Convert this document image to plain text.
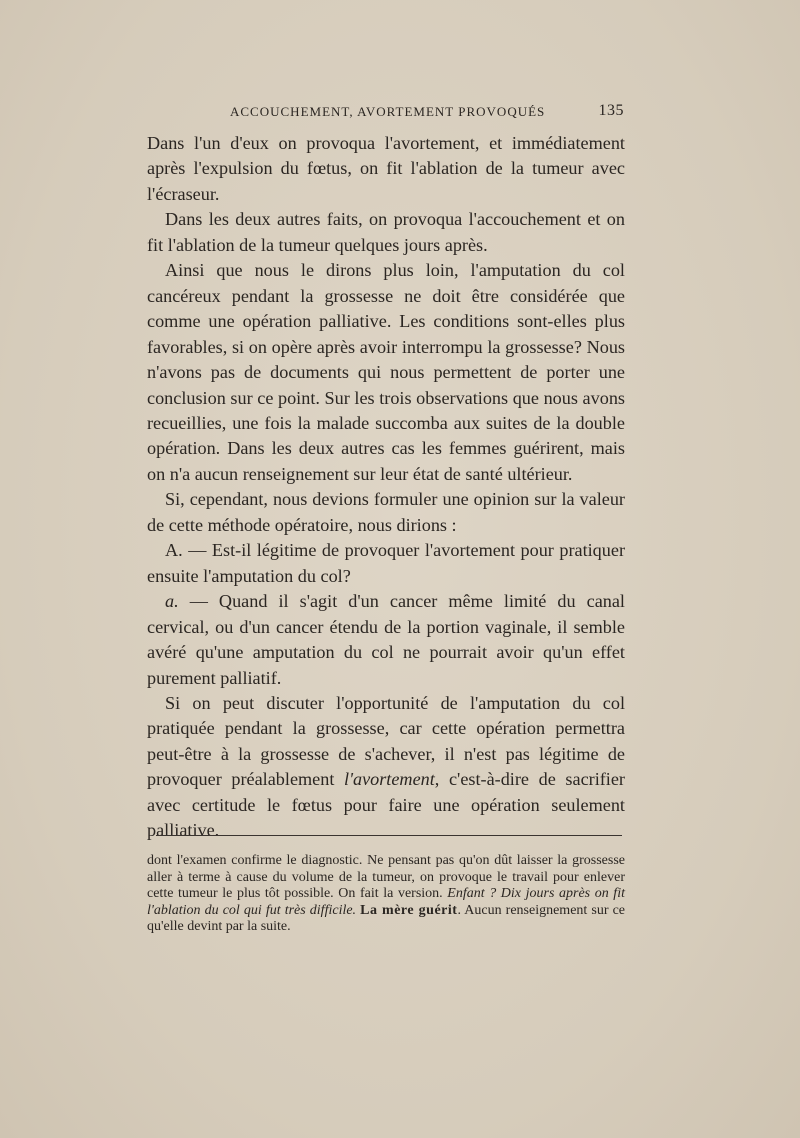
ACCOUCHEMENT, AVORTEMENT PROVOQUÉS	135

Dans l'un d'eux on provoqua l'avortement, et immédiatement après l'expulsion du fœtus, on fit l'ablation de la tumeur avec l'écraseur.

Dans les deux autres faits, on provoqua l'accouchement et on fit l'ablation de la tumeur quelques jours après.

Ainsi que nous le dirons plus loin, l'amputation du col cancéreux pendant la grossesse ne doit être considérée que comme une opération palliative. Les conditions sont-elles plus favorables, si on opère après avoir interrompu la grossesse? Nous n'avons pas de documents qui nous permettent de porter une conclusion sur ce point. Sur les trois observations que nous avons recueillies, une fois la malade succomba aux suites de la double opération. Dans les deux autres cas les femmes guérirent, mais on n'a aucun renseignement sur leur état de santé ultérieur.

Si, cependant, nous devions formuler une opinion sur la valeur de cette méthode opératoire, nous dirions :

A. — Est-il légitime de provoquer l'avortement pour pratiquer ensuite l'amputation du col?

a. — Quand il s'agit d'un cancer même limité du canal cervical, ou d'un cancer étendu de la portion vaginale, il semble avéré qu'une amputation du col ne pourrait avoir qu'un effet purement palliatif.

Si on peut discuter l'opportunité de l'amputation du col pratiquée pendant la grossesse, car cette opération permettra peut-être à la grossesse de s'achever, il n'est pas légitime de provoquer préalablement l'avortement, c'est-à-dire de sacrifier avec certitude le fœtus pour faire une opération seulement palliative.

dont l'examen confirme le diagnostic. Ne pensant pas qu'on dût laisser la grossesse aller à terme à cause du volume de la tumeur, on provoque le travail pour enlever cette tumeur le plus tôt possible. On fait la version. Enfant ? Dix jours après on fit l'ablation du col qui fut très difficile. La mère guérit. Aucun renseignement sur ce qu'elle devint par la suite.
